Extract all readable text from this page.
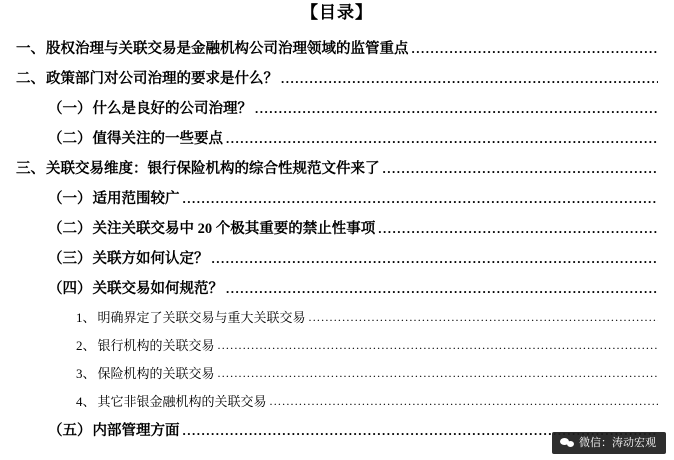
【目录】
一、 股权治理与关联交易是金融机构公司治理领域的监管重点
.....
二、 政策部门对公司治理的要求是什么？
.....
（一） 什么是良好的公司治理？
.....
（二） 值得关注的一些要点
.....
三、 关联交易维度：银行保险机构的综合性规范文件来了
.....
（一） 适用范围较广
.....
（二） 关注关联交易中 20 个极其重要的禁止性事项
.....
（三） 关联方如何认定？
.....
（四） 关联交易如何规范？
.....
1、 明确界定了关联交易与重大关联交易
.....
2、 银行机构的关联交易
.....
3、 保险机构的关联交易
.....
4、 其它非银金融机构的关联交易
.....
（五） 内部管理方面
.....
微信：涛动宏观
